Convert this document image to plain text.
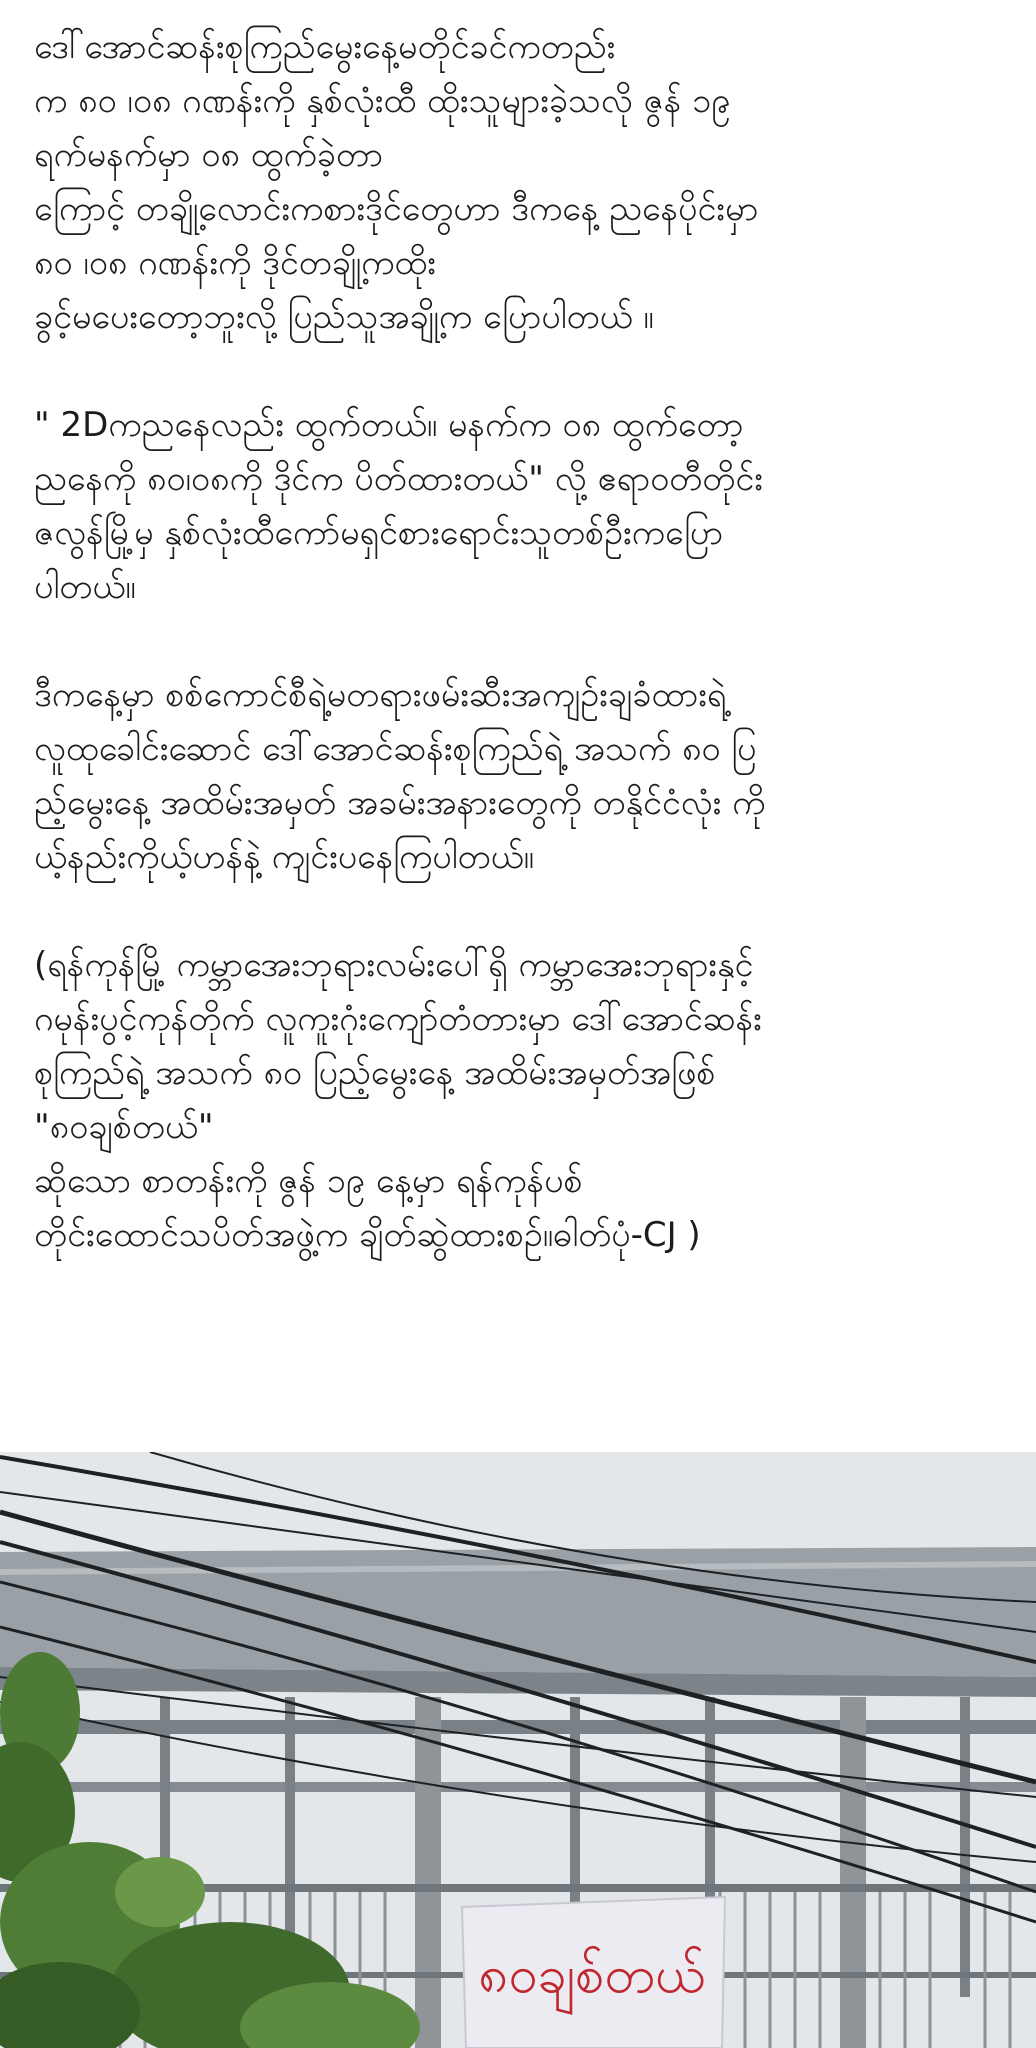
ဒေါ်အောင်ဆန်းစုကြည်မွေးနေ့မတိုင်ခင်ကတည်း
က ၈၀ ၊၀၈ ဂဏန်းကို နှစ်လုံးထီ ထိုးသူများခဲ့သလို ဇွန် ၁၉
ရက်မနက်မှာ ၀၈ ထွက်ခဲ့တာ
ကြောင့် တချို့လောင်းကစားဒိုင်တွေဟာ ဒီကနေ့ ညနေပိုင်းမှာ
၈၀ ၊၀၈ ဂဏန်းကို ဒိုင်တချို့ကထိုး
ခွင့်မပေးတော့ဘူးလို့ ပြည်သူအချို့က ပြောပါတယ် ။
" 2Dကညနေလည်း ထွက်တယ်။ မနက်က ၀၈ ထွက်တော့
ညနေကို ၈၀၊၀၈ကို ဒိုင်က ပိတ်ထားတယ်" လို့ ဧရာဝတီတိုင်း
ဇလွန်မြို့မှ နှစ်လုံးထီကော်မရှင်စားရောင်းသူတစ်ဦးကပြော
ပါတယ်။
ဒီကနေ့မှာ စစ်ကောင်စီရဲ့မတရားဖမ်းဆီးအကျဉ်းချခံထားရဲ့
လူထုခေါင်းဆောင် ဒေါ်အောင်ဆန်းစုကြည်ရဲ့ အသက် ၈၀ ပြ
ည့်မွေးနေ့ အထိမ်းအမှတ် အခမ်းအနားတွေကို တနိုင်ငံလုံး ကို
ယ့်နည်းကိုယ့်ဟန်နဲ့ ကျင်းပနေကြပါတယ်။
(ရန်ကုန်မြို့ ကမ္ဘာအေးဘုရားလမ်းပေါ်ရှိ ကမ္ဘာအေးဘုရားနှင့်
ဂမုန်းပွင့်ကုန်တိုက် လူကူးဂုံးကျော်တံတားမှာ ဒေါ်အောင်ဆန်း
စုကြည်ရဲ့ အသက် ၈၀ ပြည့်မွေးနေ့ အထိမ်းအမှတ်အဖြစ်
"၈၀ချစ်တယ်"
ဆိုသော စာတန်းကို ဇွန် ၁၉ နေ့မှာ ရန်ကုန်ပစ်
တိုင်းထောင်သပိတ်အဖွဲ့က ချိတ်ဆွဲထားစဉ်။ဓါတ်ပုံ-CJ )
၈၀ချစ်တယ်
